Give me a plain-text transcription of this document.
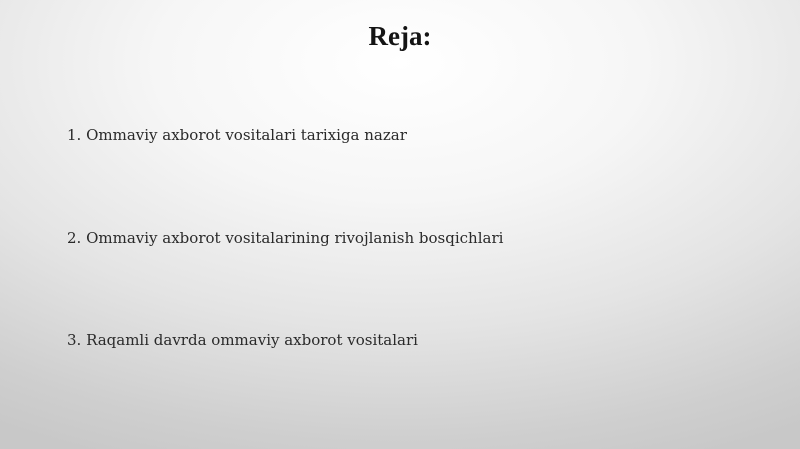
Reja:
1. Ommaviy axborot vositalari tarixiga nazar
2. Ommaviy axborot vositalarining rivojlanish bosqichlari
3. Raqamli davrda ommaviy axborot vositalari
